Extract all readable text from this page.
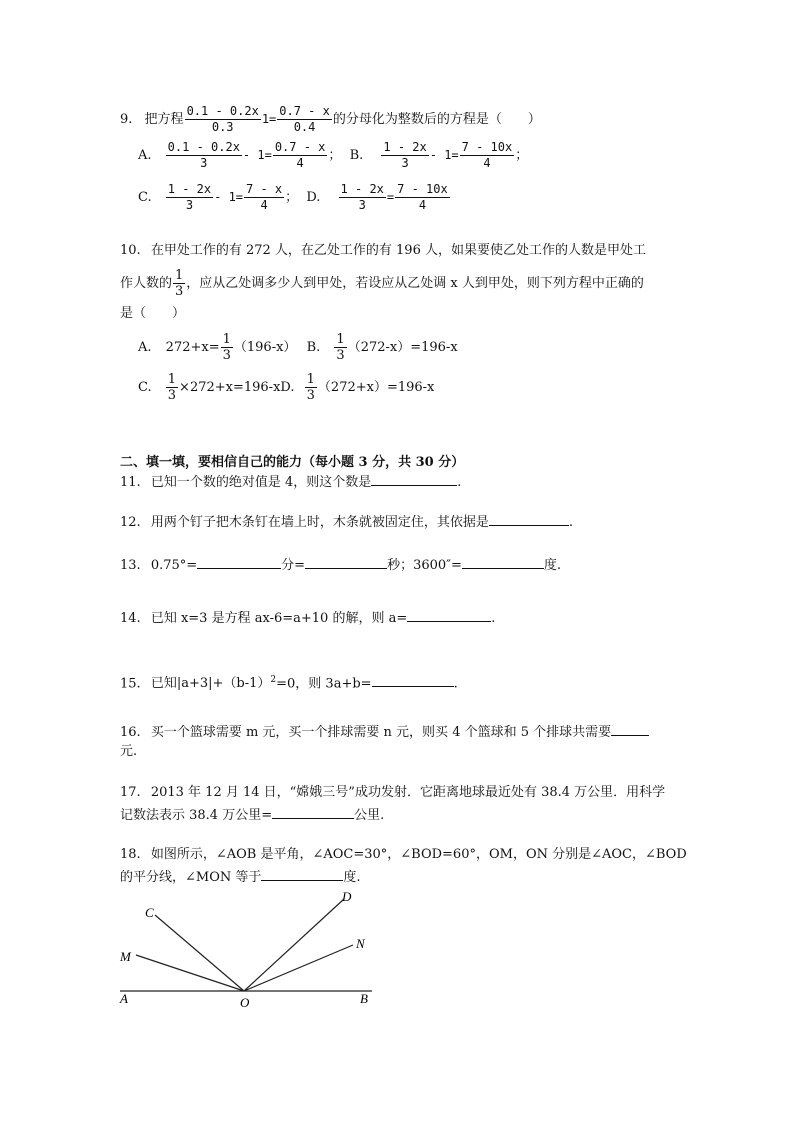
9. 把方程 $\frac{0.1 - 0.2x}{0.3} 1= \frac{0.7 - x}{0.4}$ 的分母化为整数后的方程是（　　）
A. $\frac{0.1 - 0.2x}{3} - 1= \frac{0.7 - x}{4}$ ； B. $\frac{1 - 2x}{3} - 1= \frac{7 - 10x}{4}$ ；
C. $\frac{1 - 2x}{3} - 1= \frac{7 - x}{4}$ ； D. $\frac{1 - 2x}{3} = \frac{7 - 10x}{4}$
10. 在甲处工作的有 272 人，在乙处工作的有 196 人，如果要使乙处工作的人数是甲处工
作人数的 $\frac{1}{3}$ ，应从乙处调多少人到甲处，若设应从乙处调 x 人到甲处，则下列方程中正确的
是（　　）
A. $272+x= \frac{1}{3} (196-x)$ B. $\frac{1}{3} (272-x)=196-x$
C. $\frac{1}{3} \times 272+x=196-xD$. $\frac{1}{3} (272+x)=196-x$
二、填一填，要相信自己的能力（每小题 3 分，共 30 分）
11. 已知一个数的绝对值是 4，则这个数是	.
12. 用两个钉子把木条钉在墙上时，木条就被固定住，其依据是	.
13. 0.75°=	分=	秒；3600″=	度.
14. 已知 x=3 是方程 ax-6=a+10 的解，则 a=	.
15. 已知$|a+3|+(b-1)^2=0$，则 3a+b=	.
16. 买一个篮球需要 m 元，买一个排球需要 n 元，则买 4 个篮球和 5 个排球共需要
元.
17. 2013 年 12 月 14 日，“嫦娥三号”成功发射．它距离地球最近处有 38.4 万公里．用科学
记数法表示 38.4 万公里=	公里.
18. 如图所示，∠AOB 是平角，∠AOC=30°，∠BOD=60°，OM，ON 分别是∠AOC，∠BOD
的平分线，∠MON 等于	度.
A	B
C
D
M
N
O
